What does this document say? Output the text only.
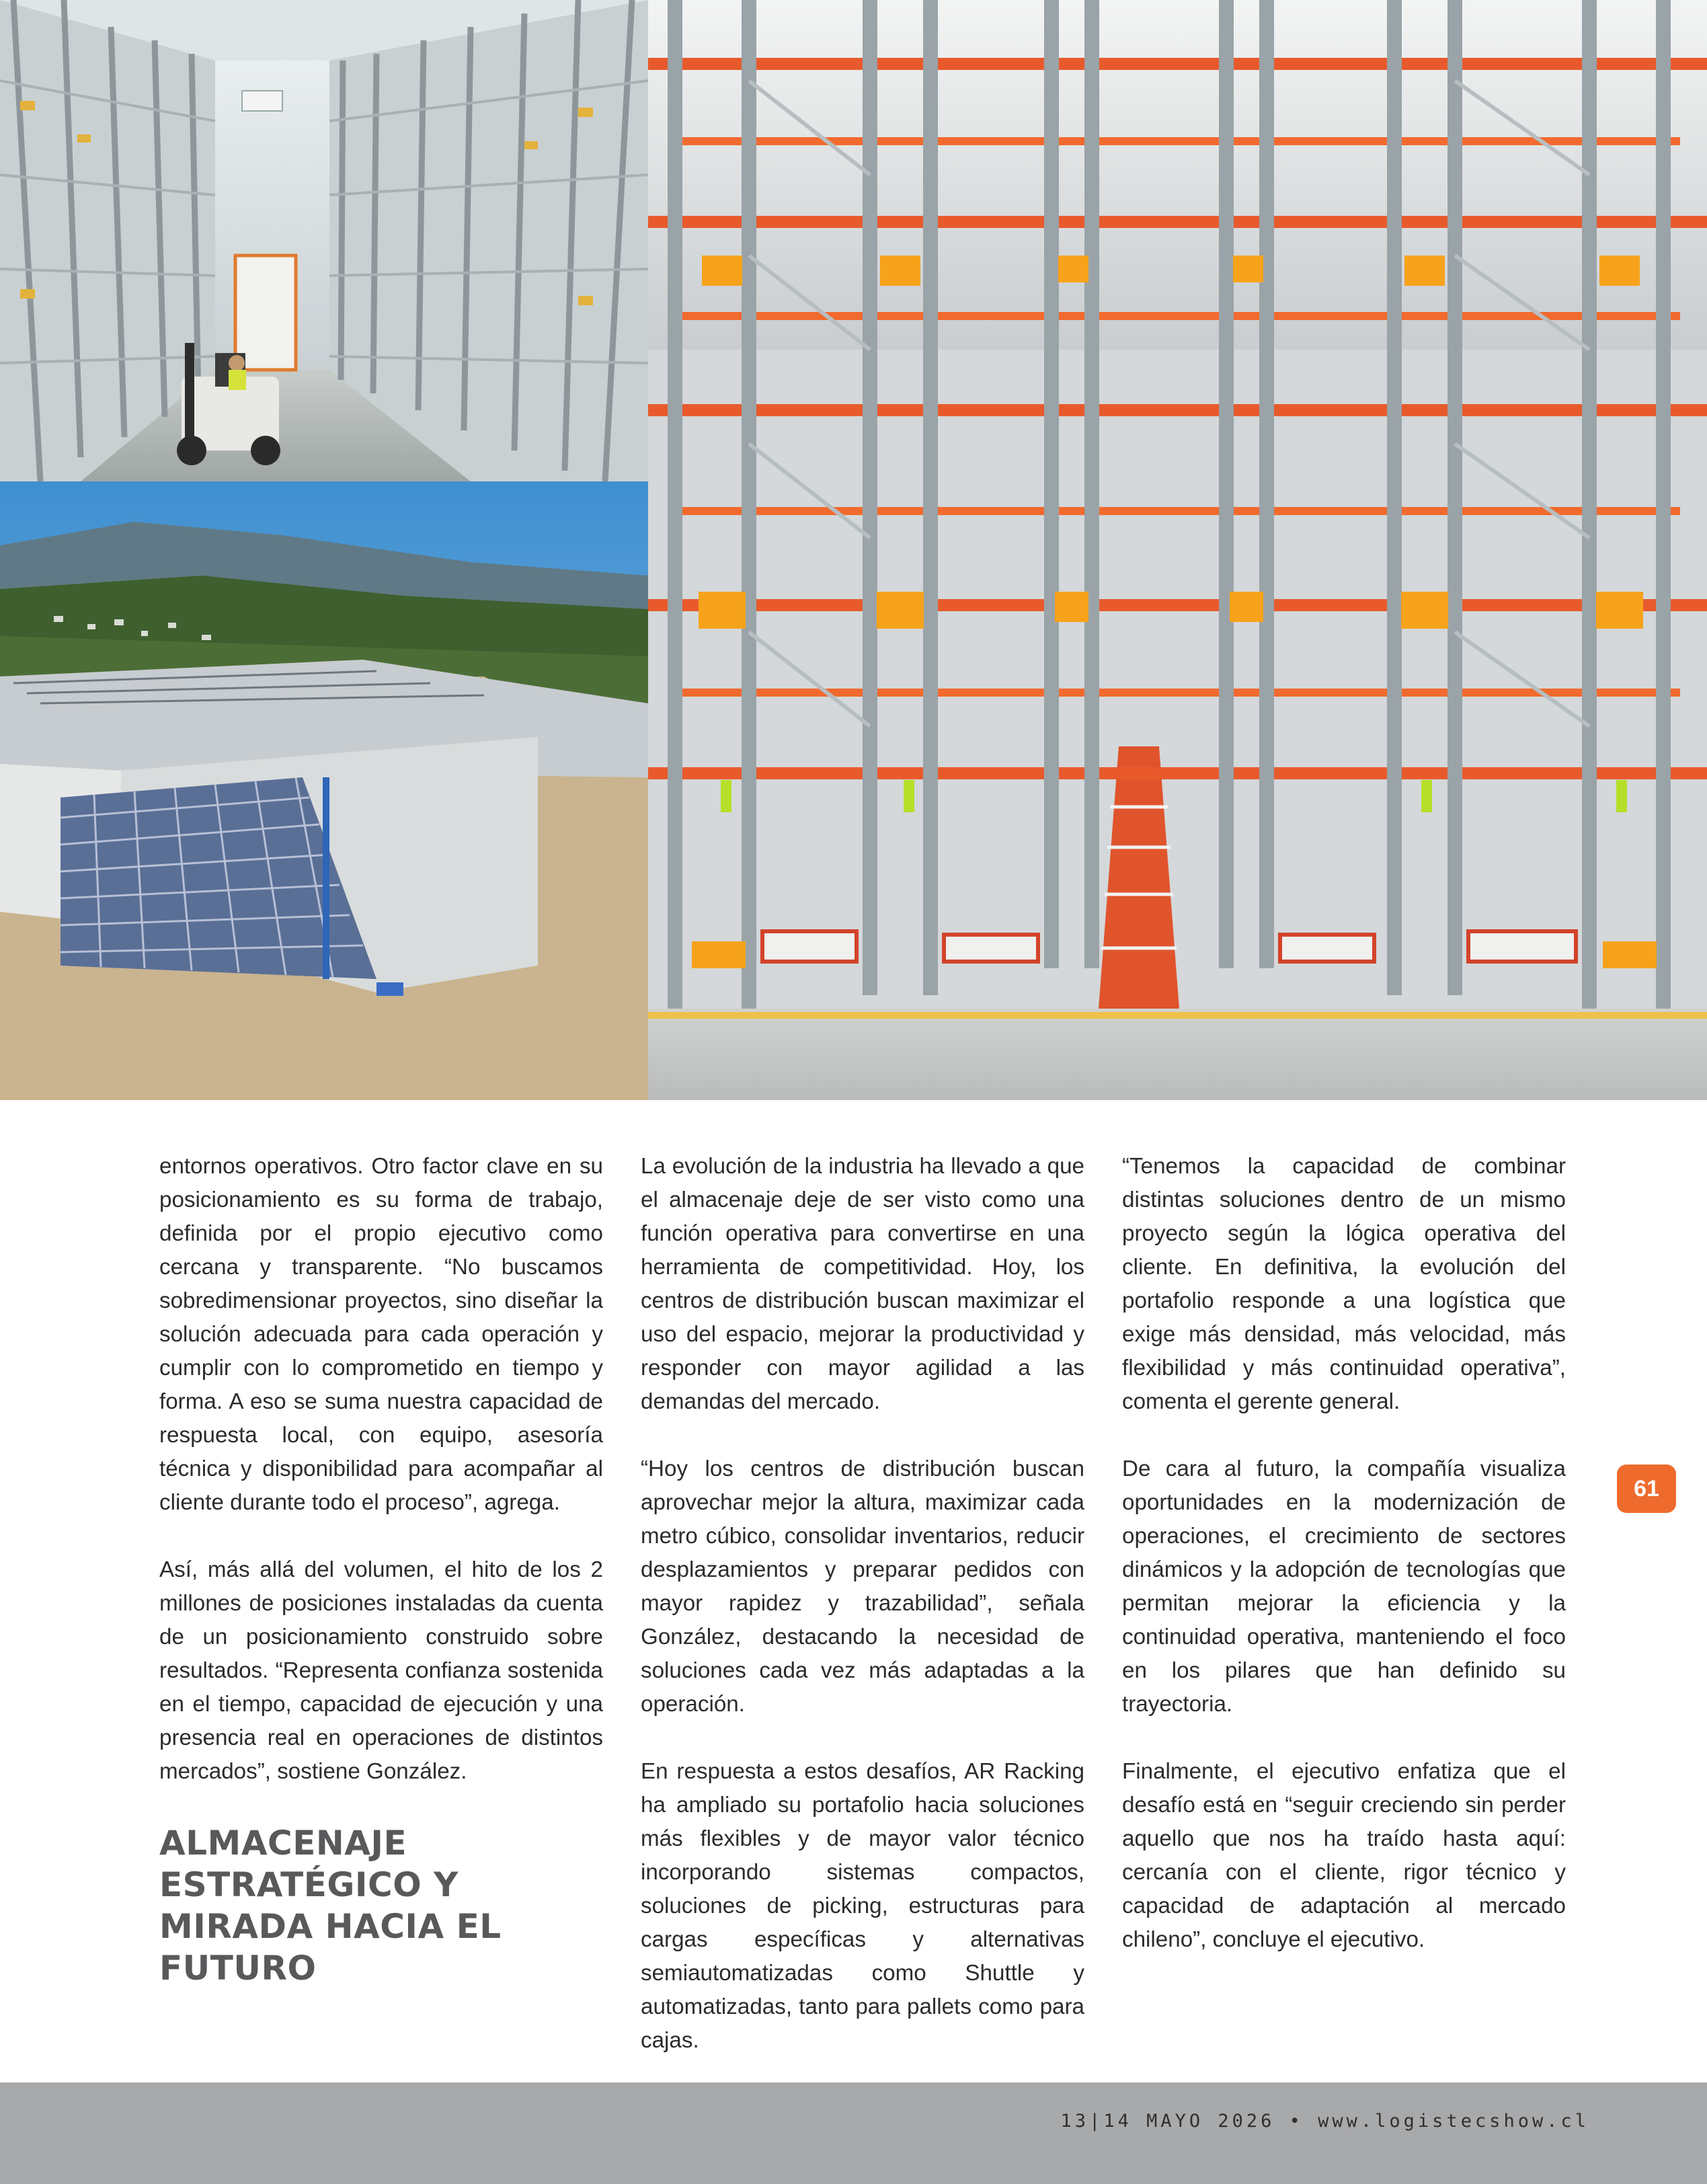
entornos operativos. Otro factor clave en su posicionamiento es su forma de trabajo, definida por el propio ejecutivo como cercana y transparente. “No buscamos sobredimensionar proyectos, sino diseñar la solución adecuada para cada operación y cumplir con lo comprometido en tiempo y forma. A eso se suma nuestra capacidad de respuesta local, con equipo, asesoría técnica y disponibilidad para acompañar al cliente durante todo el proceso”, agrega.

Así, más allá del volumen, el hito de los 2 millones de posiciones instaladas da cuenta de un posicionamiento construido sobre resultados. “Representa confianza sostenida en el tiempo, capacidad de ejecución y una presencia real en operaciones de distintos mercados”, sostiene González.

ALMACENAJE ESTRATÉGICO Y MIRADA HACIA EL FUTURO

La evolución de la industria ha llevado a que el almacenaje deje de ser visto como una función operativa para convertirse en una herramienta de competitividad. Hoy, los centros de distribución buscan maximizar el uso del espacio, mejorar la productividad y responder con mayor agilidad a las demandas del mercado.

“Hoy los centros de distribución buscan aprovechar mejor la altura, maximizar cada metro cúbico, consolidar inventarios, reducir desplazamientos y preparar pedidos con mayor rapidez y trazabilidad”, señala González, destacando la necesidad de soluciones cada vez más adaptadas a la operación.

En respuesta a estos desafíos, AR Racking ha ampliado su portafolio hacia soluciones más flexibles y de mayor valor técnico incorporando sistemas compactos, soluciones de picking, estructuras para cargas específicas y alternativas semiautomatizadas como Shuttle y automatizadas, tanto para pallets como para cajas.

“Tenemos la capacidad de combinar distintas soluciones dentro de un mismo proyecto según la lógica operativa del cliente. En definitiva, la evolución del portafolio responde a una logística que exige más densidad, más velocidad, más flexibilidad y más continuidad operativa”, comenta el gerente general.

De cara al futuro, la compañía visualiza oportunidades en la modernización de operaciones, el crecimiento de sectores dinámicos y la adopción de tecnologías que permitan mejorar la eficiencia y la continuidad operativa, manteniendo el foco en los pilares que han definido su trayectoria.

Finalmente, el ejecutivo enfatiza que el desafío está en “seguir creciendo sin perder aquello que nos ha traído hasta aquí: cercanía con el cliente, rigor técnico y capacidad de adaptación al mercado chileno”, concluye el ejecutivo.

61
13|14 MAYO 2026 • www.logistecshow.cl
